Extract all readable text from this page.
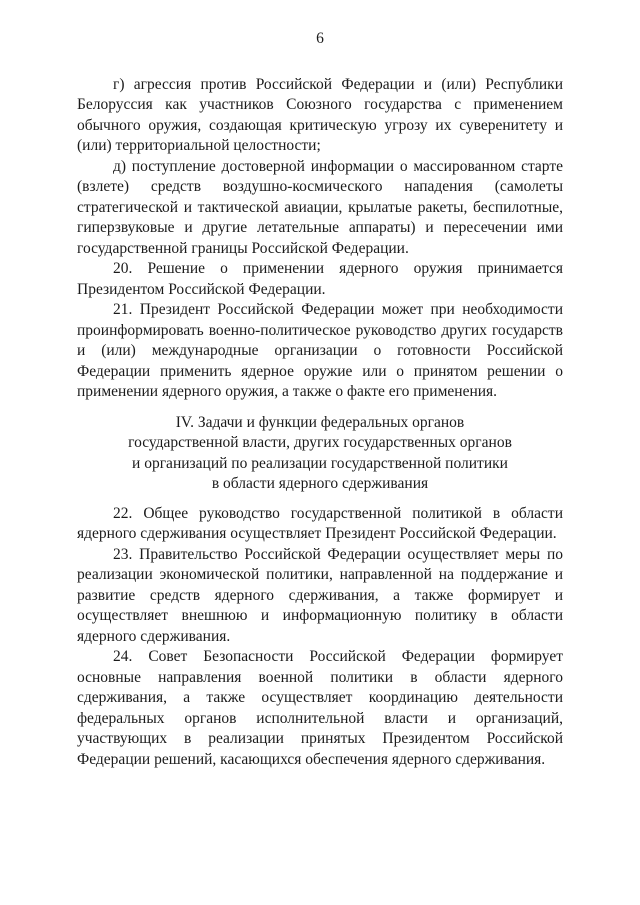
6

г) агрессия против Российской Федерации и (или) Республики Белоруссия как участников Союзного государства с применением обычного оружия, создающая критическую угрозу их суверенитету и (или) территориальной целостности;

д) поступление достоверной информации о массированном старте (взлете) средств воздушно-космического нападения (самолеты стратегической и тактической авиации, крылатые ракеты, беспилотные, гиперзвуковые и другие летательные аппараты) и пересечении ими государственной границы Российской Федерации.

20. Решение о применении ядерного оружия принимается Президентом Российской Федерации.

21. Президент Российской Федерации может при необходимости проинформировать военно-политическое руководство других государств и (или) международные организации о готовности Российской Федерации применить ядерное оружие или о принятом решении о применении ядерного оружия, а также о факте его применения.

IV. Задачи и функции федеральных органов
государственной власти, других государственных органов
и организаций по реализации государственной политики
в области ядерного сдерживания

22. Общее руководство государственной политикой в области ядерного сдерживания осуществляет Президент Российской Федерации.

23. Правительство Российской Федерации осуществляет меры по реализации экономической политики, направленной на поддержание и развитие средств ядерного сдерживания, а также формирует и осуществляет внешнюю и информационную политику в области ядерного сдерживания.

24. Совет Безопасности Российской Федерации формирует основные направления военной политики в области ядерного сдерживания, а также осуществляет координацию деятельности федеральных органов исполнительной власти и организаций, участвующих в реализации принятых Президентом Российской Федерации решений, касающихся обеспечения ядерного сдерживания.
